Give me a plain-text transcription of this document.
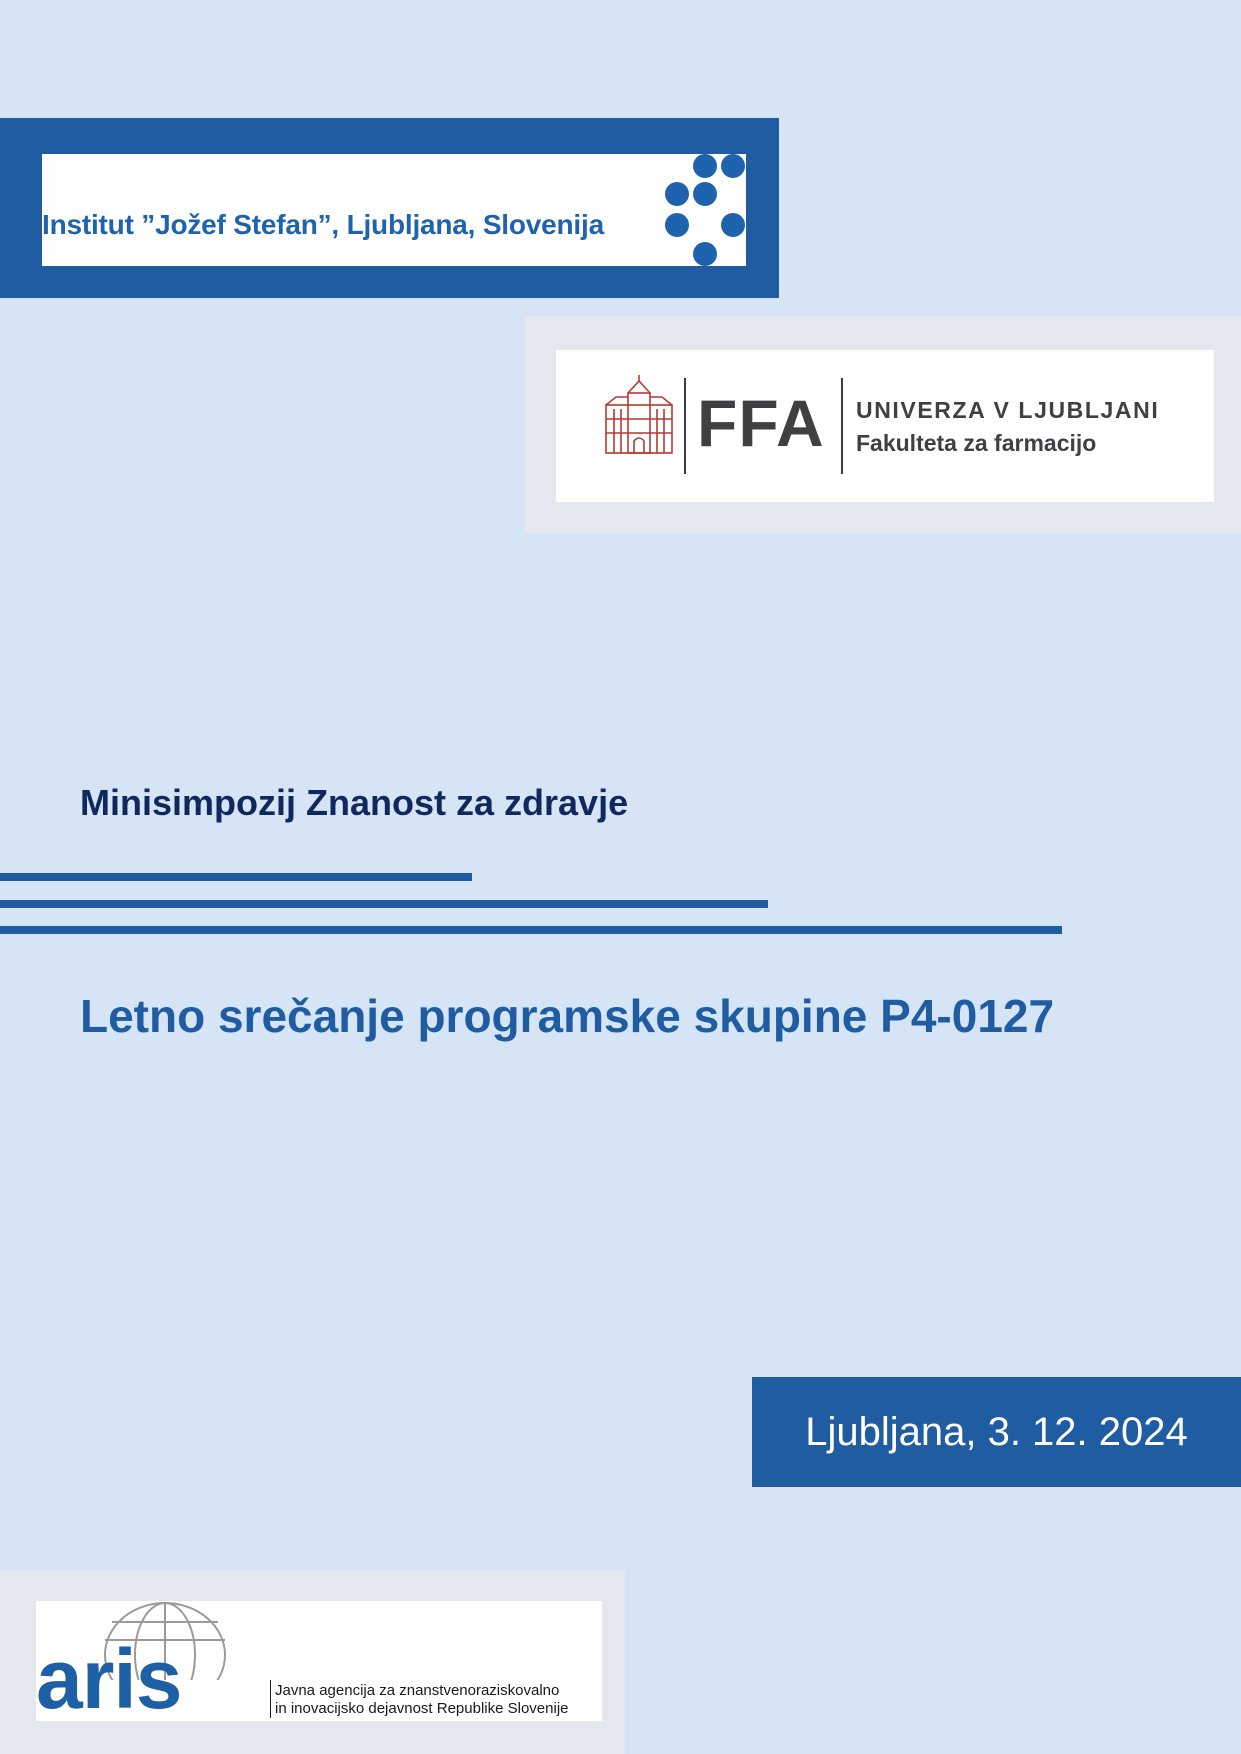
Institut ”Jožef Stefan”, Ljubljana, Slovenija
FFA UNIVERZA V LJUBLJANI
Fakulteta za farmacijo
Minisimpozij Znanost za zdravje
Letno srečanje programske skupine P4-0127
Ljubljana, 3. 12. 2024
aris	Javna agencija za znanstvenoraziskovalno
in inovacijsko dejavnost Republike Slovenije
